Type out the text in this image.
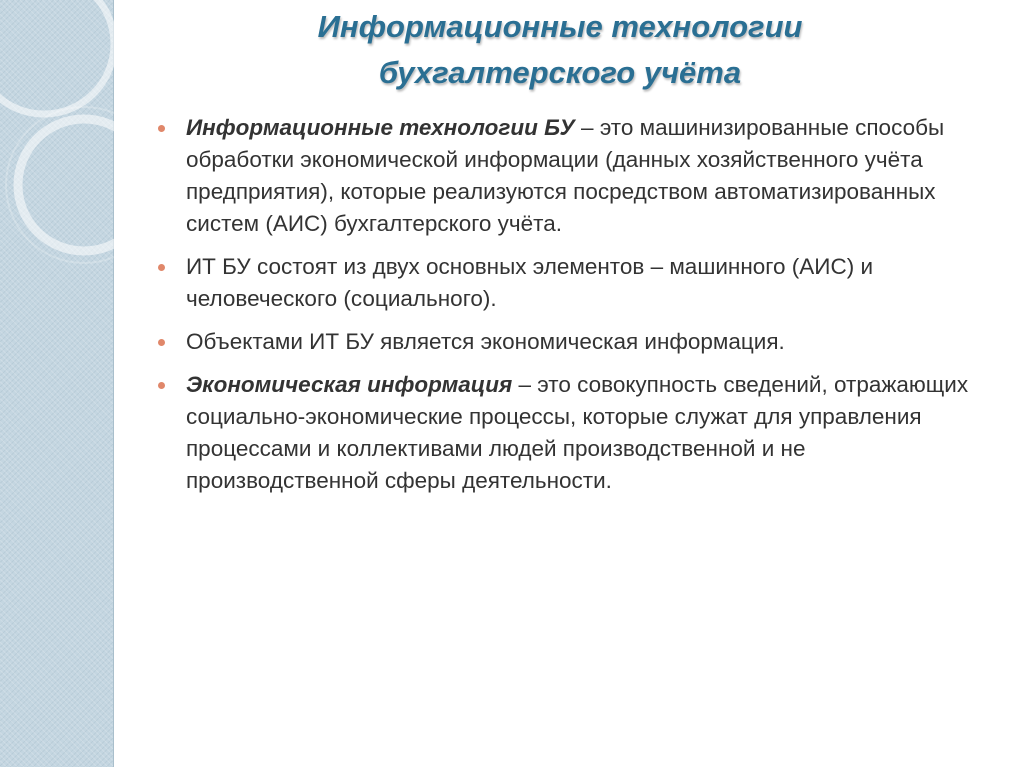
Информационные технологии
бухгалтерского учёта
Информационные технологии БУ – это машинизированные способы обработки экономической информации (данных хозяйственного учёта предприятия), которые реализуются посредством автоматизированных систем (АИС) бухгалтерского учёта.
ИТ БУ состоят из двух основных элементов – машинного (АИС) и человеческого (социального).
Объектами ИТ БУ является экономическая информация.
Экономическая информация – это совокупность сведений, отражающих социально-экономические процессы, которые служат для управления процессами и коллективами людей производственной и не производственной сферы деятельности.
